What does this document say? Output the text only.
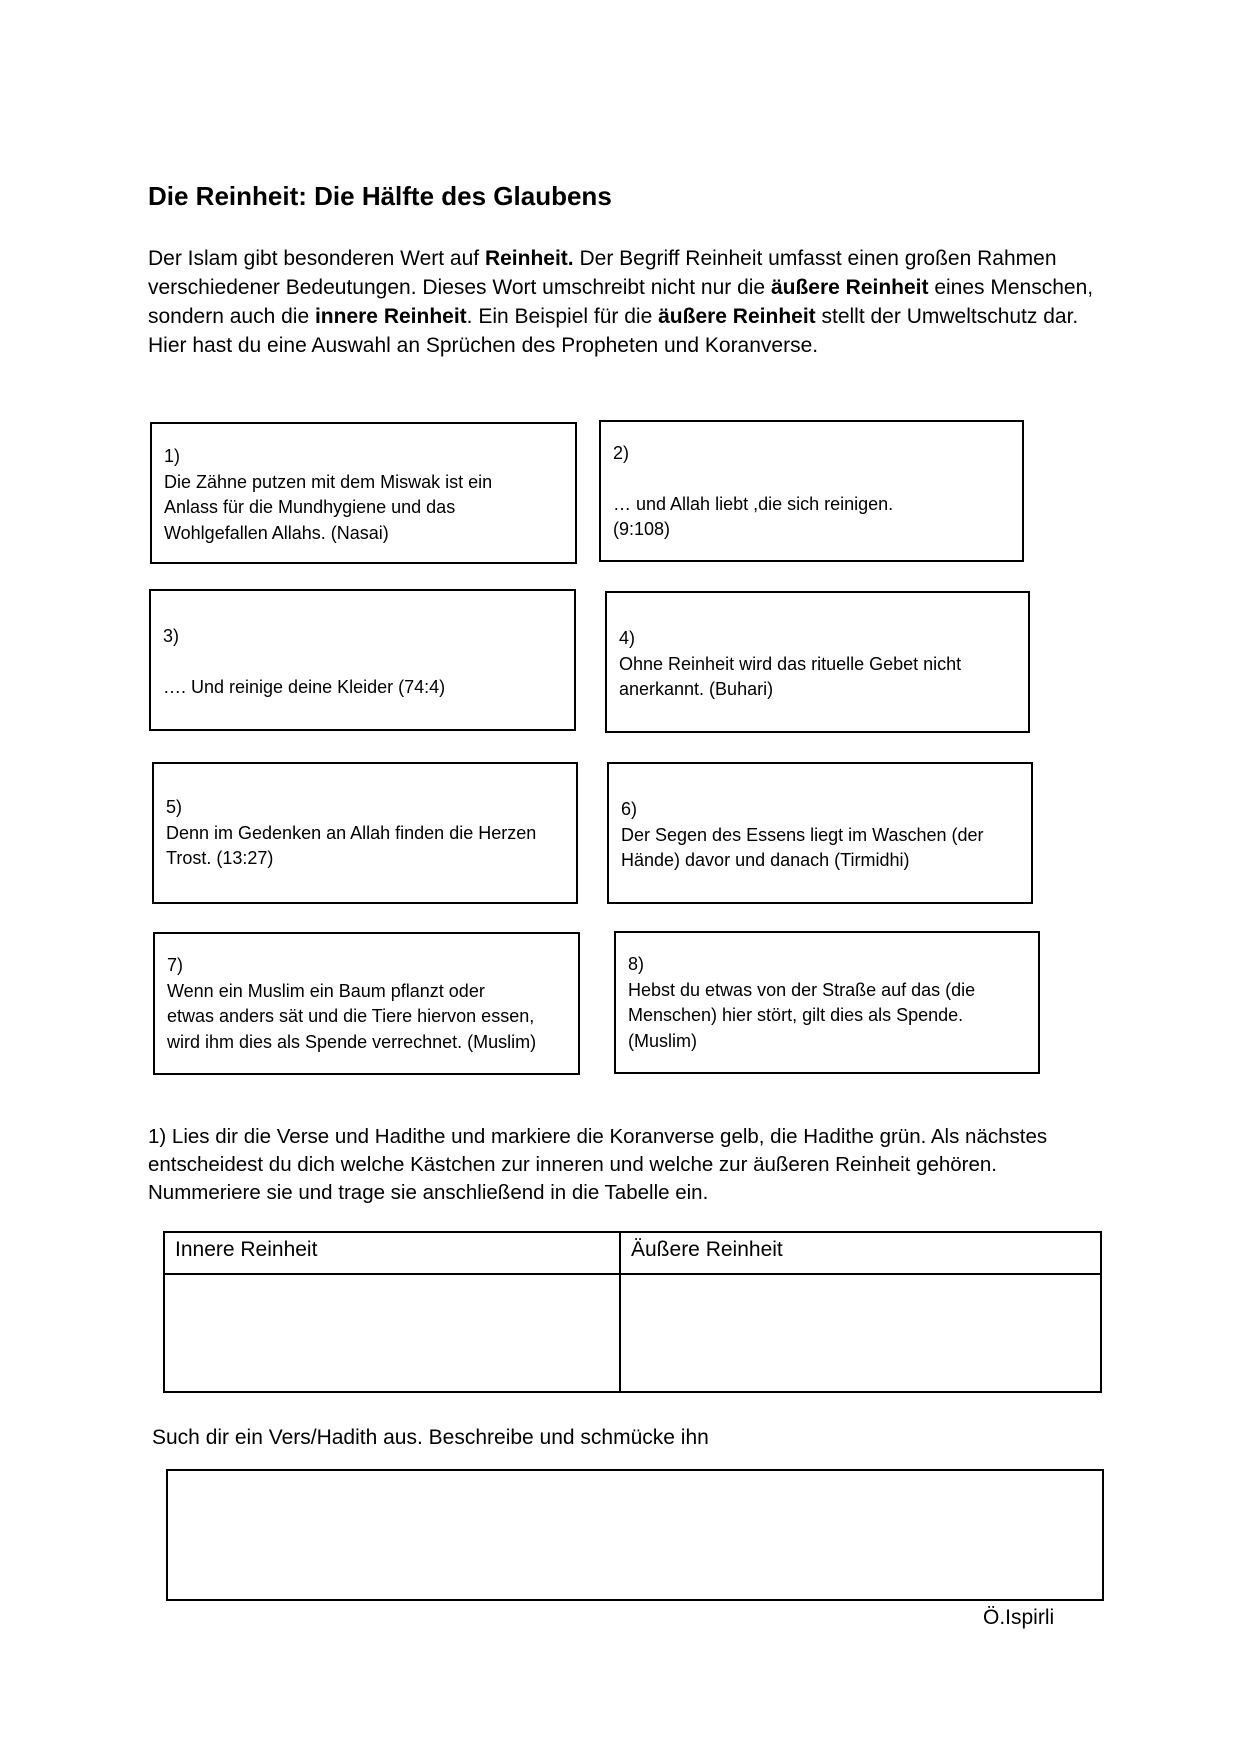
Die Reinheit: Die Hälfte des Glaubens
Der Islam gibt besonderen Wert auf Reinheit. Der Begriff Reinheit umfasst einen großen Rahmen verschiedener Bedeutungen. Dieses Wort umschreibt nicht nur die äußere Reinheit eines Menschen, sondern auch die innere Reinheit. Ein Beispiel für die äußere Reinheit stellt der Umweltschutz dar. Hier hast du eine Auswahl an Sprüchen des Propheten und Koranverse.
1)
Die Zähne putzen mit dem Miswak ist ein
Anlass für die Mundhygiene und das
Wohlgefallen Allahs. (Nasai)
2)
… und Allah liebt ,die sich reinigen.
(9:108)
3)
…. Und reinige deine Kleider (74:4)
4)
Ohne Reinheit wird das rituelle Gebet nicht
anerkannt. (Buhari)
5)
Denn im Gedenken an Allah finden die Herzen
Trost. (13:27)
6)
Der Segen des Essens liegt im Waschen (der
Hände) davor und danach (Tirmidhi)
7)
Wenn ein Muslim ein Baum pflanzt oder
etwas anders sät und die Tiere hiervon essen,
wird ihm dies als Spende verrechnet. (Muslim)
8)
Hebst du etwas von der Straße auf das (die
Menschen) hier stört, gilt dies als Spende.
(Muslim)
1) Lies dir die Verse und Hadithe und markiere die Koranverse gelb, die Hadithe grün. Als nächstes entscheidest du dich welche Kästchen zur inneren und welche zur äußeren Reinheit gehören. Nummeriere sie und trage sie anschließend in die Tabelle ein.
Innere Reinheit	Äußere Reinheit

Such dir ein Vers/Hadith aus. Beschreibe und schmücke ihn
Ö.Ispirli
